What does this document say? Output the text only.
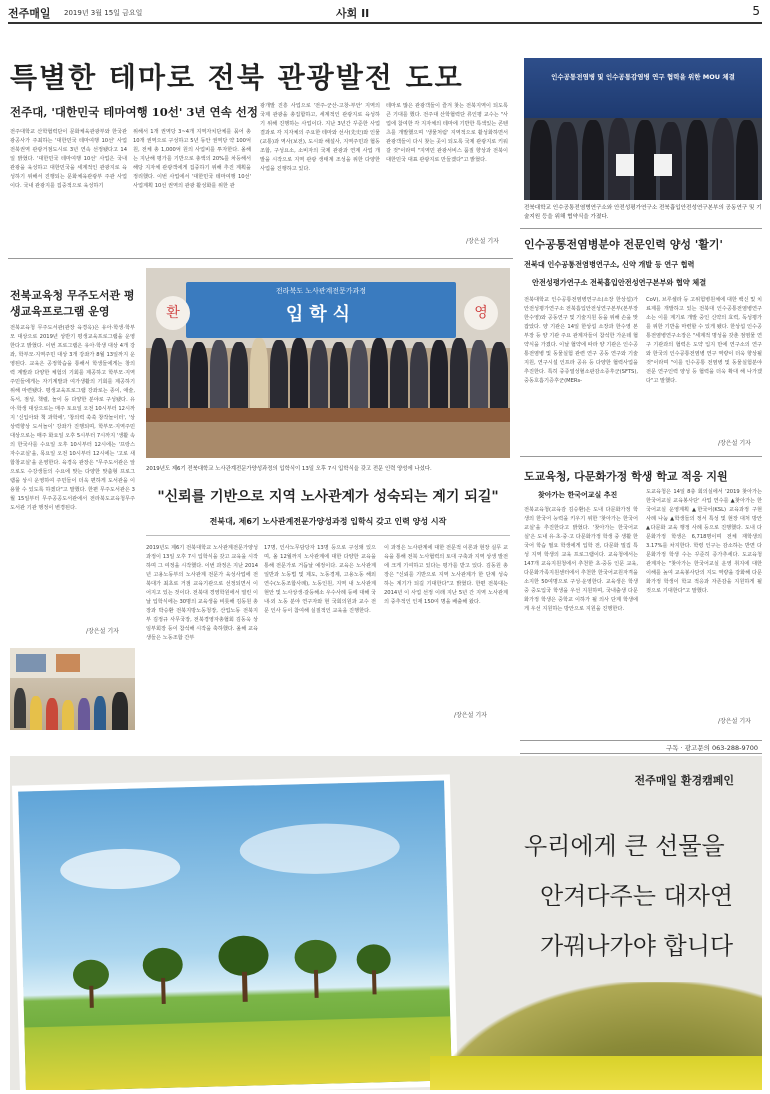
전주매일 2019년 3월 15일 금요일	사회 II	5
특별한 테마로 전북 관광발전 도모
전주대, '대한민국 테마여행 10선' 3년 연속 선정
전주대학교 산학협력단이 문화체육관광부와 한국관광공사가 주최하는 '대한민국 테마여행 10선' 사업 전북권역 관광거점도시로 3년 연속 선정됐다고 14일 밝혔다. '대한민국 테마여행 10선' 사업은 국내 관광을 육성하고 대한민국을 세계적인 관광지로 육성하기 위해서 진행되는 문화체육관광부 주관 사업이다. 국내 관광지를 집중적으로 육성하기
위해서 1개 권역당 3~4개 지역자치단체를 묶어 총 10개 권역으로 구성하고 5년 동안 권역당 약 100억 원, 전체 총 1,000억 원의 사업비를 투자한다. 올해는 지난해 평가를 기반으로 총액의 20%를 차등해서 해당 지자체 관광객에게 집중하기 위해 추진 계획을 정리했다. 이번 사업에서 '대한민국 테마여행 10선' 사업계획 10선 권역의 관광 활성화를 위한 관
광개발 진흥 사업으로 '전주-군산-고창-부안' 지역의 국제 관광을 총집합하고, 세계적인 관광지로 육성하기 위해 진행하는 사업이다. 지난 3년간 꾸준한 사업 결과로 각 지자체의 주요한 테마와 선사(先史)와 인물(교통)과 역사(보전), 도시와 해설사, 지역주민과 협동조합, 구성요소, 소비자의 국제 관광과 연계 사업 개발을 시작으로 지역 관광 생태계 조성을 위한 다양한 사업을 진행하고 있다.
테마로 많은 관광객들이 즐겨 찾는 전북지역이 되도록 큰 기대를 했다. 전주대 산학협력단 류인평 교수는 "사업에 참여한 각 지자체의 테마에 기반한 특색있는 콘텐츠를 개발했으며 '생물처럼' 지역적으로 활성화하면서 관광객들이 다시 찾는 곳이 되도록 국제 관광지로 키워갈 것"이라며 "지역민 관광서비스 품질 향상과 전북이 대한민국 대표 관광지로 만들겠다"고 밝혔다.
/장은설 기자
전북교육청 무주도서관 평생교육프로그램 운영
전북교육청 무주도서관(관장 육경옥)은 유아·학생·학부모 대상으로 2019년 상반기 평생교육프로그램을 운영한다고 밝혔다. 이번 프로그램은 유아·학생 대상 4개 강좌, 학부모·지역주민 대상 3개 강좌가 8월 13일까지 운영된다. 교육은 공정학습을 통해서 학생들에게는 창의력 계발과 다양한 체험의 기회를 제공하고 학부모·지역주민들에게는 자기계발과 여가생활의 기회를 제공하기 위해 마련됐다. 평생교육프로그램 강좌로는 종이, 애술, 독서, 점성, 책렬, 놀이 등 다양한 분야로 구성됐다. 유아·학생 대상으로는 매주 토요일 오전 10시부터 12시까지 '신입아와 책 과학에', '창의력 쑥쑥 창작놀이터', '상상력향상 도서놀이' 강좌가 진행되며, 학부모·지역주민 대상으로는 매주 화요일 오후 5시부터 7시까지 '생활 속의 한국사를 수요일 오후 10시부터 12시에는 '프랑스 자수교실'을, 목요일 오전 10시부터 12시에는 '고로 새 합창교실'을 운영한다. 육경옥 관장은 "무주도서관은 앞으로도 수강생들의 수요에 맞는 다양한 맞춤형 프로그램을 상시 운영하여 주민들이 더욱 편하게 도서관을 이용할 수 있도록 하겠다"고 말했다. 한편 무주도서관은 3월 15일부터 무주공공도서관에서 전라북도교육청무주도서관 기관 행정이 변경된다.
/장은설 기자
전라북도 노사관계전문가과정
입학식
환	영
2019년도 제6기 전북대학교 노사관계전문가양성과정의 입학식이 13일 오후 7시 입학식을 갖고 전문 인력 양성에 나섰다.
"신뢰를 기반으로 지역 노사관계가 성숙되는 계기 되길"
전북대, 제6기 노사관계전문가양성과정 입학식 갖고 인력 양성 시작
2019년도 제6기 전북대학교 노사관계전문가양성과정이 13일 오후 7시 입학식을 갖고 교육을 시작하며 그 여정을 시작했다. 이번 과정은 지난 2014년 고용노동부의 노사관계 전문가 육성사업에 전북대가 최초로 거점 교육기관으로 선정되면서 이어지고 있는 것이다. 전북대 경영학원에서 열린 이날 입학식에는 30명의 교육생을 비롯해 김동원 총장과 박승환 전북지방노동청장, 산업노동 전북지부 김정규 사무국장, 전북경영자총협회 김동욱 상임부회장 등이 참석해 시작을 축하했다. 올해 교육생들은 노동조합 간부
17명, 인사노무담당자 13명 등으로 구성돼 있으며, 올 12월까지 노사관계에 대한 다양한 교육을 통해 전문가로 거듭날 예정이다. 교육은 노사관계 일반과 노동법 및 제도, 노동경제, 고용노동 해외연수(노동조합사례), 노동인원, 지역 내 노사관계 현안 및 노사상생·갈등해소 우수사례 등에 대해 국내·외 노동 분야 연구자와 현 국회의원과 교수 전문 인사 등이 참여해 실질적인 교육을 진행한다.
이 과정은 노사관계에 대한 전문적 이론과 현장 실무 교육을 통해 전북 노사협력의 토대 구축과 지역 상생 발전에 크게 기여하고 있다는 평가를 받고 있다. 김동원 총장은 "신뢰를 기반으로 지역 노사관계가 한 단계 성숙하는 계기가 되길 기대한다"고 밝혔다. 한편 전북대는 2014년 이 사업 선정 이래 지난 5년 간 지역 노사관계의 중추적인 인재 150여 명을 배출해 왔다.
/장은설 기자
인수공통전염병 및 인수공통감염병 연구 협력을 위한 MOU 체결
전북대학교 인수공통전염병연구소와 안전성평가연구소 전북흡입안전성연구본부의 공동연구 및 기술지원 등을 위해 협약식을 가졌다.
인수공통전염병분야 전문인력 양성 '활기'
전북대 인수공통전염병연구소, 신약 개발 등 연구 협력
안전성평가연구소 전북흡입안전성연구본부와 협약 체결
전북대학교 인수공통전염병연구소(소장 한상섭)가 안전성평가연구소 전북흡입안전성연구본부(본부장 한수영)와 공동연구 및 기술지원 등을 위해 손을 맞잡았다. 양 기관은 14일 한상섭 소장과 한수영 본부장 등 양 기관 주요 관계자들이 참석한 가운데 협약식을 가졌다. 이날 협약에 따라 양 기관은 인수공통전염병 및 동물실험 관련 연구 공동 연구와 기술지원, 연구시설 인프라 공유 등 다양한 협력사업을 추진한다. 특히 중증열성혈소판감소증후군(SFTS), 중동호흡기증후군(MERs-
CoV), 브루셀라 등 고위험병원체에 대한 백신 및 치료제를 개발하고 있는 전북대 인수공통전염병연구소는 이를 계기로 개발 중인 신약의 효력, 독성평가를 위한 기반을 마련할 수 있게 됐다. 한상섭 인수공통전염병연구소장은 "세계적 명성을 갖춘 점염물 연구 기관과의 협력은 도약 입지 만에 연구소의 연구와 한국의 인수공통전염병 연구 역량이 더욱 향상될 것"이라며 "이를 인수공통 전염병 및 동물실험분야 전문 연구인력 양성 등 협력을 더욱 확대 해 나가겠다"고 말했다.
/장은설 기자
도교육청, 다문화가정 학생 학교 적응 지원
찾아가는 한국어교실 추진
전북교육청(교육감 김승환)은 도내 다문화가정 학생의 한국어 능력을 키우기 위한 '찾아가는 한국어교실'을 추진한다고 밝혔다. '찾아가는 한국어교실'은 도내 유·초·중·고 다문화가정 학생 중 생활 한국어 학습 필요 학생에게 입학 전, 다문화 밀집 특성 지역 학생의 교육 프로그램이다. 교육청에서는 147개 교육지원청에서 추천한 초·중등 인문 교육, 다문화가족지원센터에서 추천한 한국어교원자격을 소지한 50여명으로 구성·운영한다. 교육생은 학생 중 중도입국 학생을 우선 지원하며, 국내출생 다문화가정 학생은 중학교 이하가 될 의사 단계 학생에게 우선 지원하는 방안으로 지원을 진행한다.
도교육청은 14일 8층 회의실에서 '2019 찾아가는 한국어교실 교육봉사단' 사업 연수를 ▲찾아가는 한국어교실 운영계획 ▲한국어(KSL) 교육과정 구현 사례 나눔 ▲학생들의 정서 특성 및 현장 대처 방안 ▲다문화 교육 행정 사례 등으로 진행했다. 도내 다문화가정 학생은 6,718명이며 전체 재학생의 3.17%를 차지한다. 학령 인구는 감소하는 반면 다문화가정 학생 수는 꾸준히 증가추세다. 도교육청 관계자는 "찾아가는 한국어교실 운영 취지에 대한 이해를 높여 교육봉사단의 지도 역량을 강화해 다문화가정 학생이 학교 적응과 자존감을 지원하게 될 것으로 기대한다"고 말했다.
/장은설 기자
구독 · 광고문의 063-288-9700
전주매일 환경캠페인
우리에게 큰 선물을
안겨다주는 대자연
가꿔나가야 합니다
